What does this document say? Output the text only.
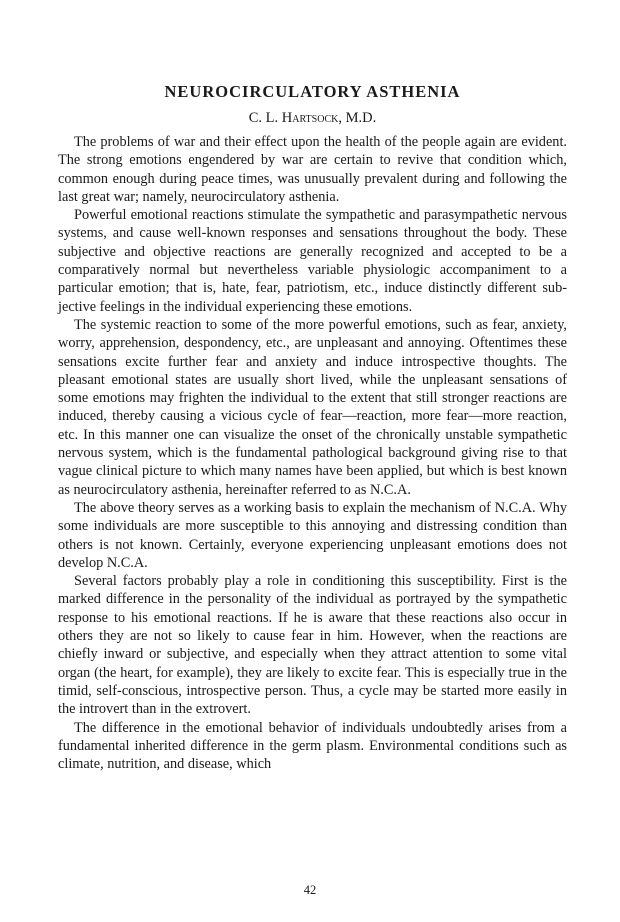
NEUROCIRCULATORY ASTHENIA
C. L. Hartsock, M.D.

The problems of war and their effect upon the health of the people again are evident. The strong emotions engendered by war are certain to revive that condition which, common enough during peace times, was unusually prevalent during and following the last great war; namely, neurocirculatory asthenia.

Powerful emotional reactions stimulate the sympathetic and parasympathetic nervous systems, and cause well-known responses and sensations throughout the body. These subjective and objective reactions are generally recognized and accepted to be a comparatively normal but nevertheless variable physiologic accompaniment to a particular emotion; that is, hate, fear, patriotism, etc., induce distinctly different subjective feelings in the individual experiencing these emotions.

The systemic reaction to some of the more powerful emotions, such as fear, anxiety, worry, apprehension, despondency, etc., are unpleasant and annoying. Oftentimes these sensations excite further fear and anxiety and induce introspective thoughts. The pleasant emotional states are usually short lived, while the unpleasant sensations of some emotions may frighten the individual to the extent that still stronger reactions are induced, thereby causing a vicious cycle of fear—reaction, more fear—more reaction, etc. In this manner one can visualize the onset of the chronically unstable sympathetic nervous system, which is the fundamental pathological background giving rise to that vague clinical picture to which many names have been applied, but which is best known as neurocirculatory asthenia, hereinafter referred to as N.C.A.

The above theory serves as a working basis to explain the mechanism of N.C.A. Why some individuals are more susceptible to this annoying and distressing condition than others is not known. Certainly, everyone experiencing unpleasant emotions does not develop N.C.A.

Several factors probably play a role in conditioning this susceptibility. First is the marked difference in the personality of the individual as portrayed by the sympathetic response to his emotional reactions. If he is aware that these reactions also occur in others they are not so likely to cause fear in him. However, when the reactions are chiefly inward or subjective, and especially when they attract attention to some vital organ (the heart, for example), they are likely to excite fear. This is especially true in the timid, self-conscious, introspective person. Thus, a cycle may be started more easily in the introvert than in the extrovert.

The difference in the emotional behavior of individuals undoubtedly arises from a fundamental inherited difference in the germ plasm. Environmental conditions such as climate, nutrition, and disease, which

42
